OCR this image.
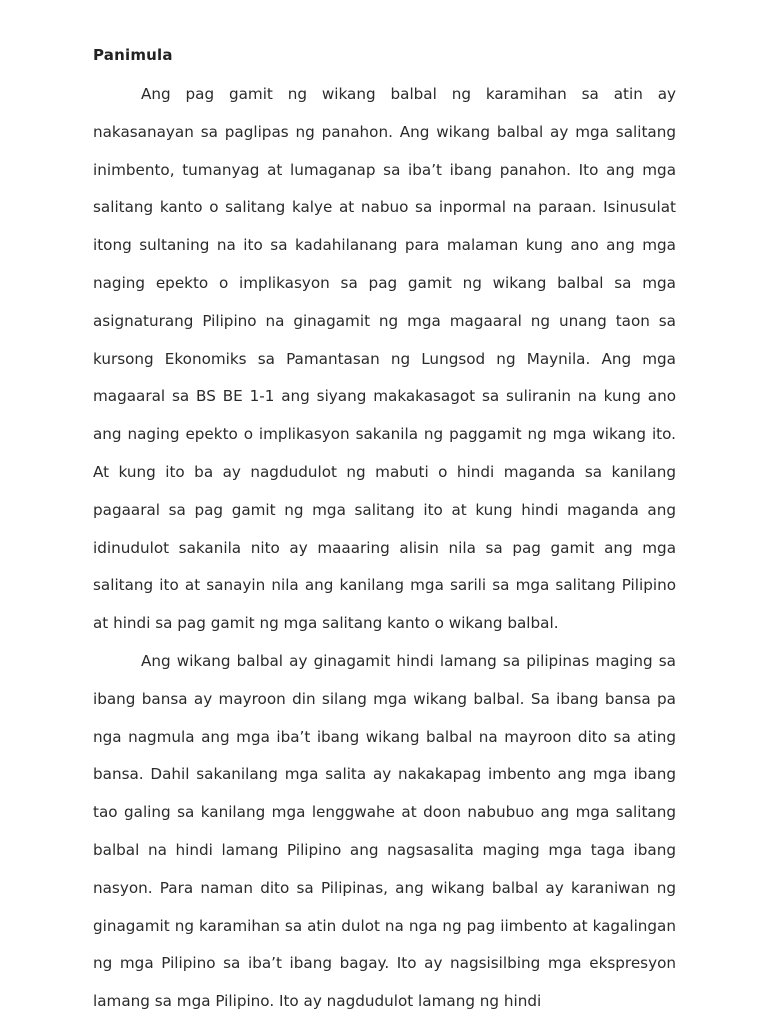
Panimula

Ang pag gamit ng wikang balbal ng karamihan sa atin ay nakasanayan sa paglipas ng panahon. Ang wikang balbal ay mga salitang inimbento, tumanyag at lumaganap sa iba’t ibang panahon. Ito ang mga salitang kanto o salitang kalye at nabuo sa inpormal na paraan. Isinusulat itong sultaning na ito sa kadahilanang para malaman kung ano ang mga naging epekto o implikasyon sa pag gamit ng wikang balbal sa mga asignaturang Pilipino na ginagamit ng mga magaaral ng unang taon sa kursong Ekonomiks sa Pamantasan ng Lungsod ng Maynila. Ang mga magaaral sa BS BE 1-1 ang siyang makakasagot sa suliranin na kung ano ang naging epekto o implikasyon sakanila ng paggamit ng mga wikang ito. At kung ito ba ay nagdudulot ng mabuti o hindi maganda sa kanilang pagaaral sa pag gamit ng mga salitang ito at kung hindi maganda ang idinudulot sakanila nito ay maaaring alisin nila sa pag gamit ang mga salitang ito at sanayin nila ang kanilang mga sarili sa mga salitang Pilipino at hindi sa pag gamit ng mga salitang kanto o wikang balbal.

Ang wikang balbal ay ginagamit hindi lamang sa pilipinas maging sa ibang bansa ay mayroon din silang mga wikang balbal. Sa ibang bansa pa nga nagmula ang mga iba’t ibang wikang balbal na mayroon dito sa ating bansa. Dahil sakanilang mga salita ay nakakapag imbento ang mga ibang tao galing sa kanilang mga lenggwahe at doon nabubuo ang mga salitang balbal na hindi lamang Pilipino ang nagsasalita maging mga taga ibang nasyon. Para naman dito sa Pilipinas, ang wikang balbal ay karaniwan ng ginagamit ng karamihan sa atin dulot na nga ng pag iimbento at kagalingan ng mga Pilipino sa iba’t ibang bagay. Ito ay nagsisilbing mga ekspresyon lamang sa mga Pilipino. Ito ay nagdudulot lamang ng hindi
